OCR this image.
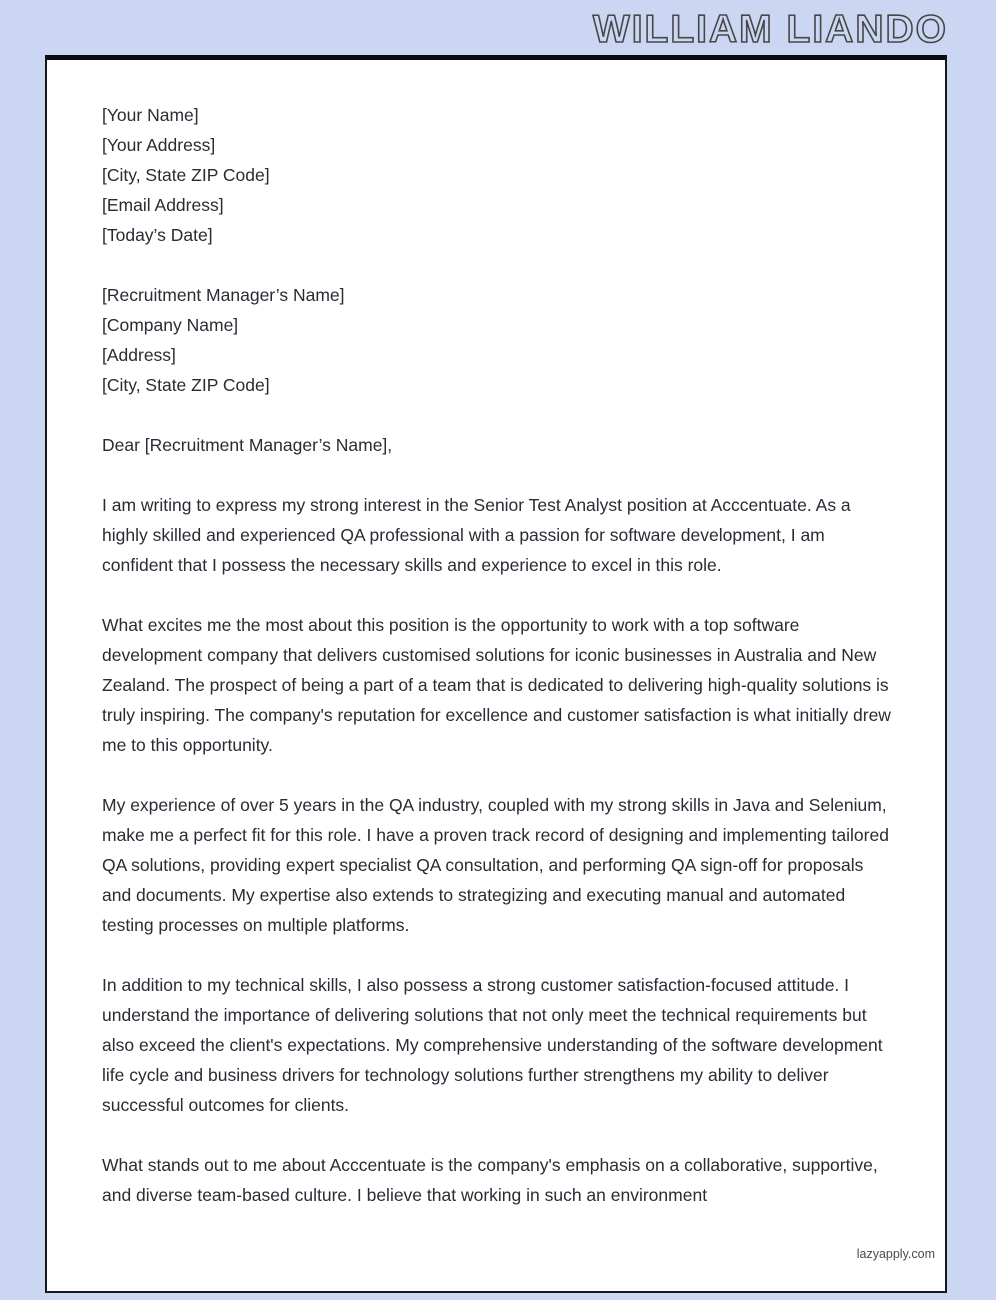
WILLIAM LIANDO
[Your Name]
[Your Address]
[City, State ZIP Code]
[Email Address]
[Today’s Date]
[Recruitment Manager’s Name]
[Company Name]
[Address]
[City, State ZIP Code]

Dear [Recruitment Manager’s Name],

I am writing to express my strong interest in the Senior Test Analyst position at Acccentuate. As a highly skilled and experienced QA professional with a passion for software development, I am confident that I possess the necessary skills and experience to excel in this role.

What excites me the most about this position is the opportunity to work with a top software development company that delivers customised solutions for iconic businesses in Australia and New Zealand. The prospect of being a part of a team that is dedicated to delivering high-quality solutions is truly inspiring. The company's reputation for excellence and customer satisfaction is what initially drew me to this opportunity.

My experience of over 5 years in the QA industry, coupled with my strong skills in Java and Selenium, make me a perfect fit for this role. I have a proven track record of designing and implementing tailored QA solutions, providing expert specialist QA consultation, and performing QA sign-off for proposals and documents. My expertise also extends to strategizing and executing manual and automated testing processes on multiple platforms.

In addition to my technical skills, I also possess a strong customer satisfaction-focused attitude. I understand the importance of delivering solutions that not only meet the technical requirements but also exceed the client's expectations. My comprehensive understanding of the software development life cycle and business drivers for technology solutions further strengthens my ability to deliver successful outcomes for clients.

What stands out to me about Acccentuate is the company's emphasis on a collaborative, supportive, and diverse team-based culture. I believe that working in such an environment

lazyapply.com
